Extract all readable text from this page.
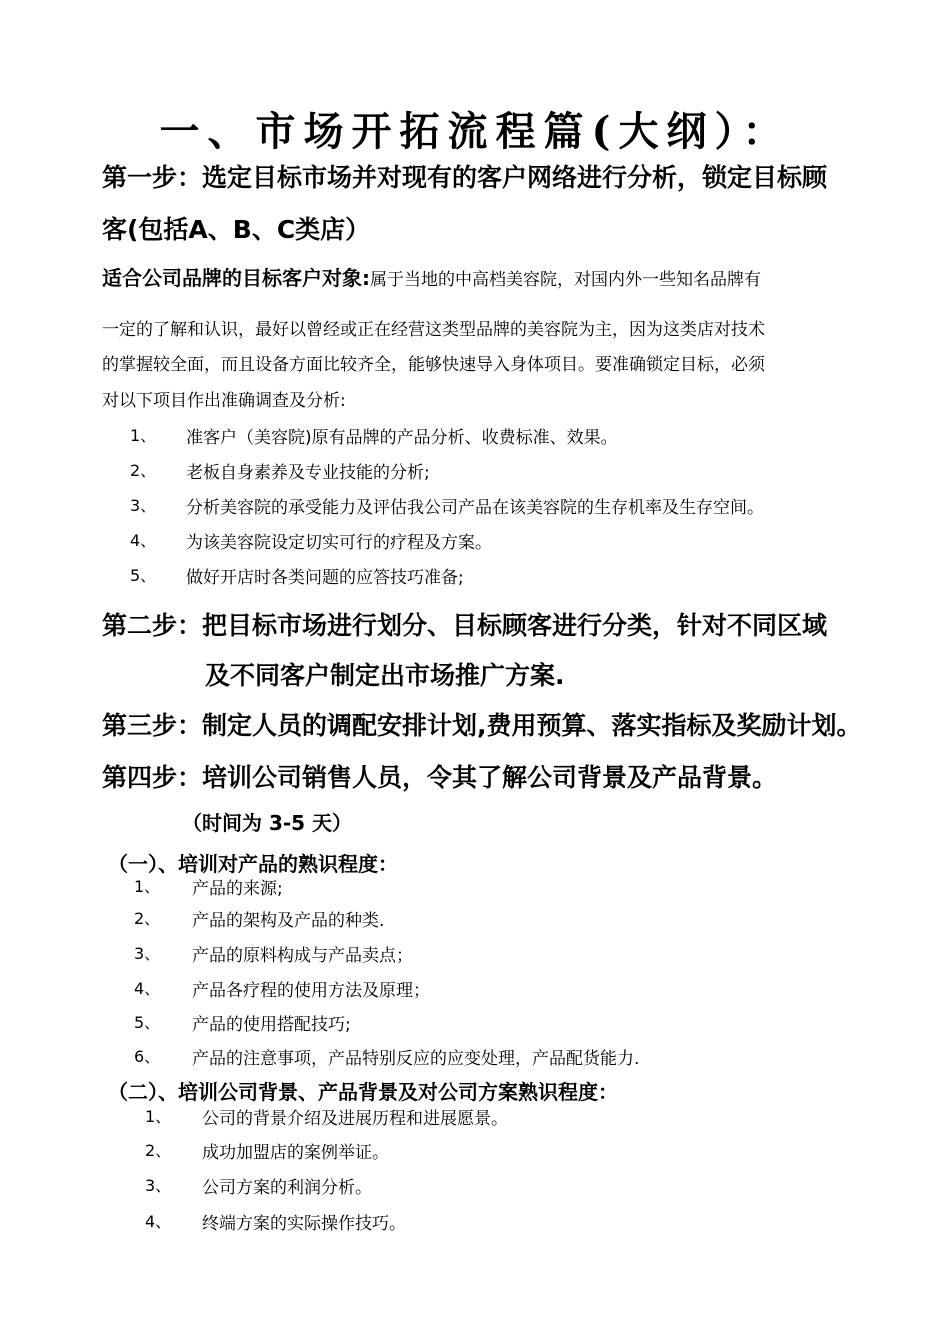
一、市场开拓流程篇(大纲）：
第一步：选定目标市场并对现有的客户网络进行分析，锁定目标顾
客(包括A、B、C类店）
适合公司品牌的目标客户对象:属于当地的中高档美容院，对国内外一些知名品牌有
一定的了解和认识，最好以曾经或正在经营这类型品牌的美容院为主，因为这类店对技术
的掌握较全面，而且设备方面比较齐全，能够快速导入身体项目。要准确锁定目标，必须
对以下项目作出准确调查及分析:
1、 准客户（美容院)原有品牌的产品分析、收费标准、效果。
2、 老板自身素养及专业技能的分析;
3、 分析美容院的承受能力及评估我公司产品在该美容院的生存机率及生存空间。
4、 为该美容院设定切实可行的疗程及方案。
5、 做好开店时各类问题的应答技巧准备;
第二步：把目标市场进行划分、目标顾客进行分类，针对不同区域
及不同客户制定出市场推广方案.
第三步：制定人员的调配安排计划,费用预算、落实指标及奖励计划。
第四步：培训公司销售人员，令其了解公司背景及产品背景。
（时间为 3-5 天）
（一）、培训对产品的熟识程度：
1、 产品的来源;
2、 产品的架构及产品的种类.
3、 产品的原料构成与产品卖点；
4、 产品各疗程的使用方法及原理；
5、 产品的使用搭配技巧;
6、 产品的注意事项，产品特别反应的应变处理，产品配货能力.
（二）、培训公司背景、产品背景及对公司方案熟识程度：
1、 公司的背景介绍及进展历程和进展愿景。
2、 成功加盟店的案例举证。
3、 公司方案的利润分析。
4、 终端方案的实际操作技巧。
